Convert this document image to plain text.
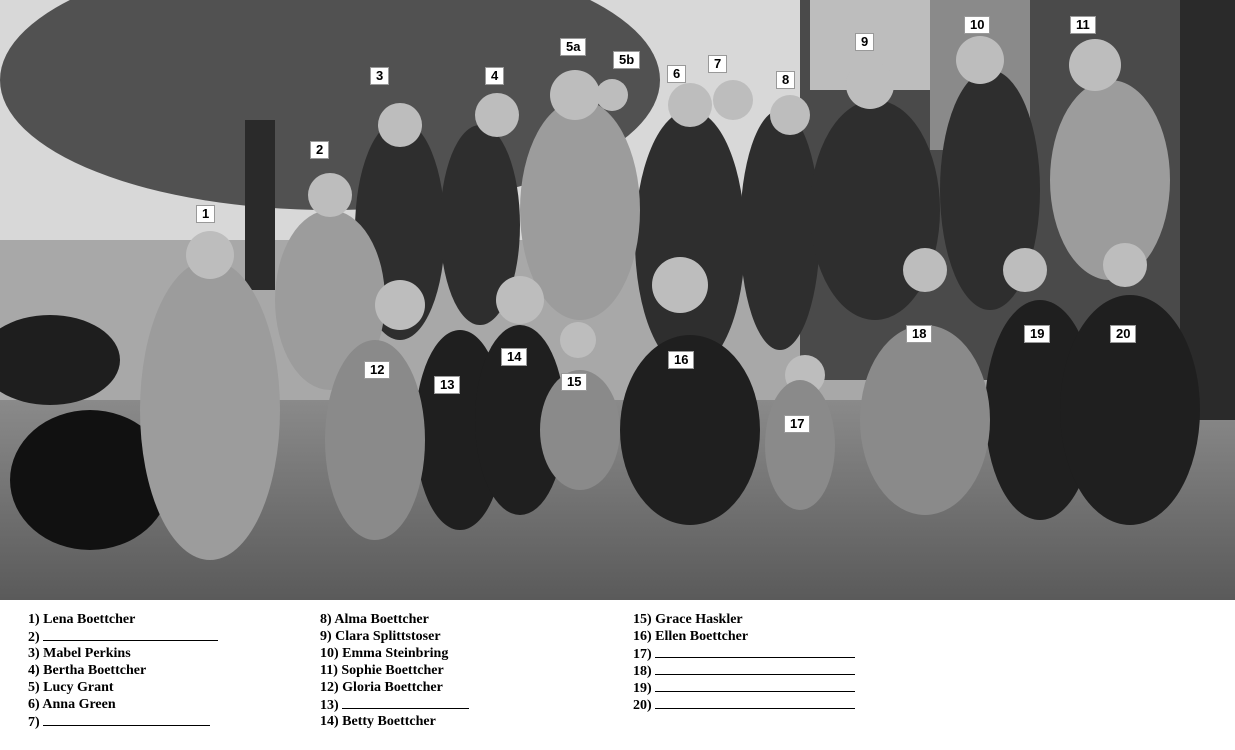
1
2
3	4
5a
5b
6
7
8
9
10	11
12
13
14
15
16
17
18	19	20
1) Lena Boettcher
2)
3) Mabel Perkins
4) Bertha Boettcher
5) Lucy Grant
6) Anna Green
7)
8) Alma Boettcher
9) Clara Splittstoser
10) Emma Steinbring
11) Sophie Boettcher
12) Gloria Boettcher
13)
14) Betty Boettcher
15) Grace Haskler
16) Ellen Boettcher
17)
18)
19)
20)
